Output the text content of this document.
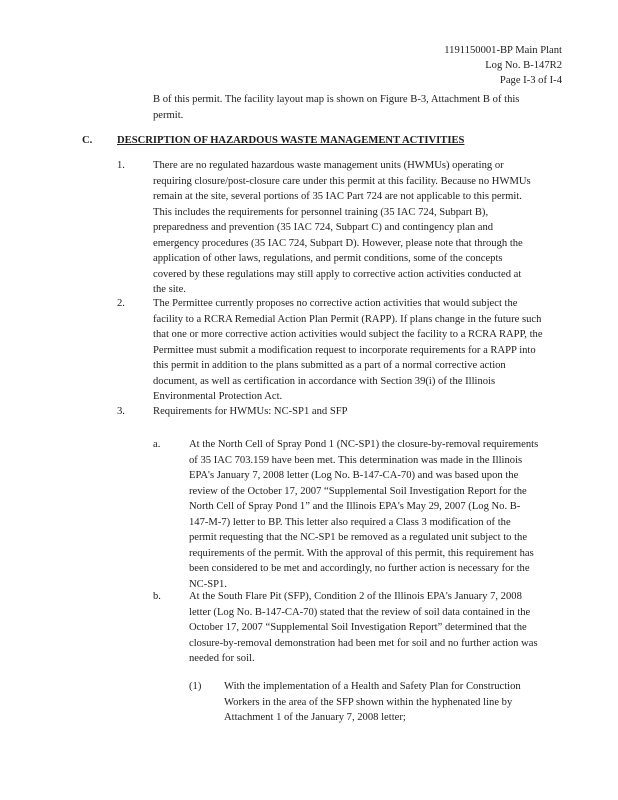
1191150001-BP Main Plant
Log No. B-147R2
Page I-3 of I-4
B of this permit. The facility layout map is shown on Figure B-3, Attachment B of this permit.
C. DESCRIPTION OF HAZARDOUS WASTE MANAGEMENT ACTIVITIES
1.	There are no regulated hazardous waste management units (HWMUs) operating or requiring closure/post-closure care under this permit at this facility. Because no HWMUs remain at the site, several portions of 35 IAC Part 724 are not applicable to this permit. This includes the requirements for personnel training (35 IAC 724, Subpart B), preparedness and prevention (35 IAC 724, Subpart C) and contingency plan and emergency procedures (35 IAC 724, Subpart D). However, please note that through the application of other laws, regulations, and permit conditions, some of the concepts covered by these regulations may still apply to corrective action activities conducted at the site.
2.	The Permittee currently proposes no corrective action activities that would subject the facility to a RCRA Remedial Action Plan Permit (RAPP). If plans change in the future such that one or more corrective action activities would subject the facility to a RCRA RAPP, the Permittee must submit a modification request to incorporate requirements for a RAPP into this permit in addition to the plans submitted as a part of a normal corrective action document, as well as certification in accordance with Section 39(i) of the Illinois Environmental Protection Act.
3.	Requirements for HWMUs: NC-SP1 and SFP
a.	At the North Cell of Spray Pond 1 (NC-SP1) the closure-by-removal requirements of 35 IAC 703.159 have been met. This determination was made in the Illinois EPA's January 7, 2008 letter (Log No. B-147-CA-70) and was based upon the review of the October 17, 2007 “Supplemental Soil Investigation Report for the North Cell of Spray Pond 1” and the Illinois EPA's May 29, 2007 (Log No. B-147-M-7) letter to BP. This letter also required a Class 3 modification of the permit requesting that the NC-SP1 be removed as a regulated unit subject to the requirements of the permit. With the approval of this permit, this requirement has been considered to be met and accordingly, no further action is necessary for the NC-SP1.
b.	At the South Flare Pit (SFP), Condition 2 of the Illinois EPA's January 7, 2008 letter (Log No. B-147-CA-70) stated that the review of soil data contained in the October 17, 2007 “Supplemental Soil Investigation Report” determined that the closure-by-removal demonstration had been met for soil and no further action was needed for soil.
(1) With the implementation of a Health and Safety Plan for Construction Workers in the area of the SFP shown within the hyphenated line by Attachment 1 of the January 7, 2008 letter;
